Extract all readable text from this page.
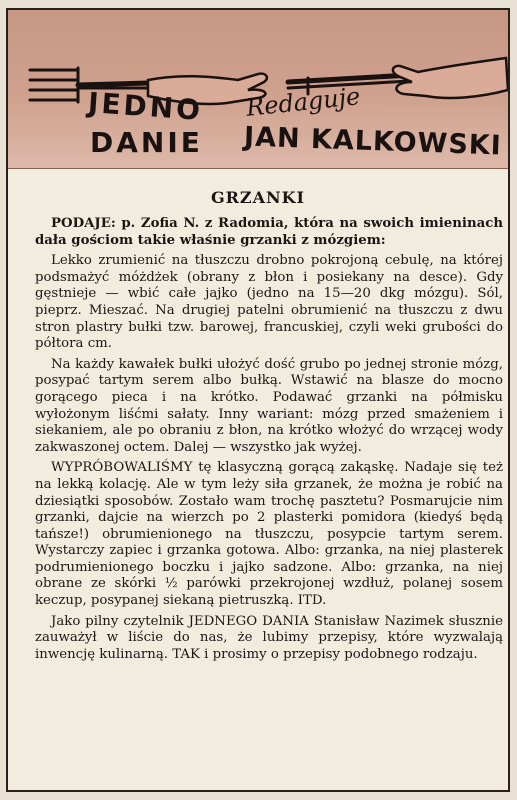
JEDNO Redaguje
DANIE JAN KALKOWSKI
GRZANKI

PODAJE: p. Zofia N. z Radomia, która na swoich imieninach dała gościom takie właśnie grzanki z mózgiem:

Lekko zrumienić na tłuszczu drobno pokrojoną cebulę, na której podsmażyć móżdżek (obrany z błon i posiekany na desce). Gdy gęstnieje — wbić całe jajko (jedno na 15—20 dkg mózgu). Sól, pieprz. Mieszać. Na drugiej patelni obrumienić na tłuszczu z dwu stron plastry bułki tzw. barowej, francuskiej, czyli weki grubości do półtora cm.

Na każdy kawałek bułki ułożyć dość grubo po jednej stronie mózg, posypać tartym serem albo bułką. Wstawić na blasze do mocno gorącego pieca i na krótko. Podawać grzanki na półmisku wyłożonym liśćmi sałaty. Inny wariant: mózg przed smażeniem i siekaniem, ale po obraniu z błon, na krótko włożyć do wrzącej wody zakwaszonej octem. Dalej — wszystko jak wyżej.

WYPRÓBOWALIŚMY tę klasyczną gorącą zakąskę. Nadaje się też na lekką kolację. Ale w tym leży siła grzanek, że można je robić na dziesiątki sposobów. Zostało wam trochę pasztetu? Posmarujcie nim grzanki, dajcie na wierzch po 2 plasterki pomidora (kiedyś będą tańsze!) obrumienionego na tłuszczu, posypcie tartym serem. Wystarczy zapiec i grzanka gotowa. Albo: grzanka, na niej plasterek podrumienionego boczku i jajko sadzone. Albo: grzanka, na niej obrane ze skórki ½ parówki przekrojonej wzdłuż, polanej sosem keczup, posypanej siekaną pietruszką. ITD.

Jako pilny czytelnik JEDNEGO DANIA Stanisław Nazimek słusznie zauważył w liście do nas, że lubimy przepisy, które wyzwalają inwencję kulinarną. TAK i prosimy o przepisy podobnego rodzaju.
